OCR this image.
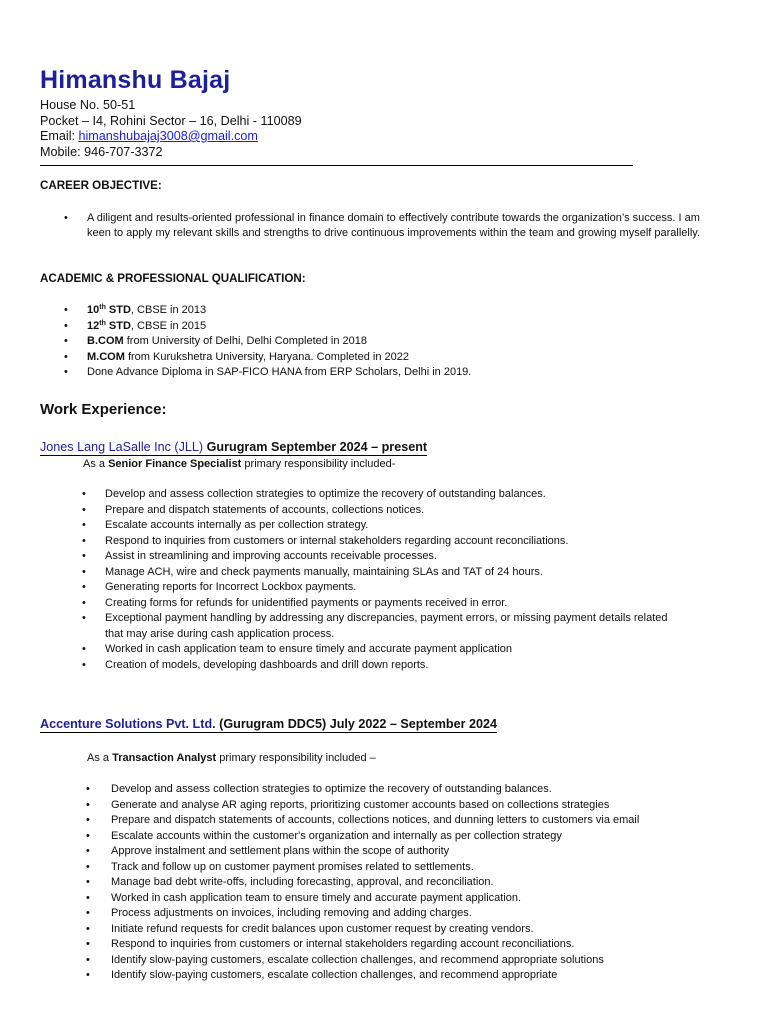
Himanshu Bajaj
House No. 50-51
Pocket – I4, Rohini Sector – 16, Delhi - 110089
Email: himanshubajaj3008@gmail.com
Mobile: 946-707-3372
CAREER OBJECTIVE:
• A diligent and results-oriented professional in finance domain to effectively contribute towards the organization’s success. I am keen to apply my relevant skills and strengths to drive continuous improvements within the team and growing myself parallelly.
ACADEMIC & PROFESSIONAL QUALIFICATION:
• 10th STD, CBSE in 2013
• 12th STD, CBSE in 2015
• B.COM from University of Delhi, Delhi Completed in 2018
• M.COM from Kurukshetra University, Haryana. Completed in 2022
• Done Advance Diploma in SAP-FICO HANA from ERP Scholars, Delhi in 2019.
Work Experience:
Jones Lang LaSalle Inc (JLL) Gurugram September 2024 – present
As a Senior Finance Specialist primary responsibility included-
• Develop and assess collection strategies to optimize the recovery of outstanding balances.
• Prepare and dispatch statements of accounts, collections notices.
• Escalate accounts internally as per collection strategy.
• Respond to inquiries from customers or internal stakeholders regarding account reconciliations.
• Assist in streamlining and improving accounts receivable processes.
• Manage ACH, wire and check payments manually, maintaining SLAs and TAT of 24 hours.
• Generating reports for Incorrect Lockbox payments.
• Creating forms for refunds for unidentified payments or payments received in error.
• Exceptional payment handling by addressing any discrepancies, payment errors, or missing payment details related that may arise during cash application process.
• Worked in cash application team to ensure timely and accurate payment application
• Creation of models, developing dashboards and drill down reports.
Accenture Solutions Pvt. Ltd. (Gurugram DDC5) July 2022 – September 2024
As a Transaction Analyst primary responsibility included –
• Develop and assess collection strategies to optimize the recovery of outstanding balances.
• Generate and analyse AR aging reports, prioritizing customer accounts based on collections strategies
• Prepare and dispatch statements of accounts, collections notices, and dunning letters to customers via email
• Escalate accounts within the customer's organization and internally as per collection strategy
• Approve instalment and settlement plans within the scope of authority
• Track and follow up on customer payment promises related to settlements.
• Manage bad debt write-offs, including forecasting, approval, and reconciliation.
• Worked in cash application team to ensure timely and accurate payment application.
• Process adjustments on invoices, including removing and adding charges.
• Initiate refund requests for credit balances upon customer request by creating vendors.
• Respond to inquiries from customers or internal stakeholders regarding account reconciliations.
• Identify slow-paying customers, escalate collection challenges, and recommend appropriate solutions
• Identify slow-paying customers, escalate collection challenges, and recommend appropriate
